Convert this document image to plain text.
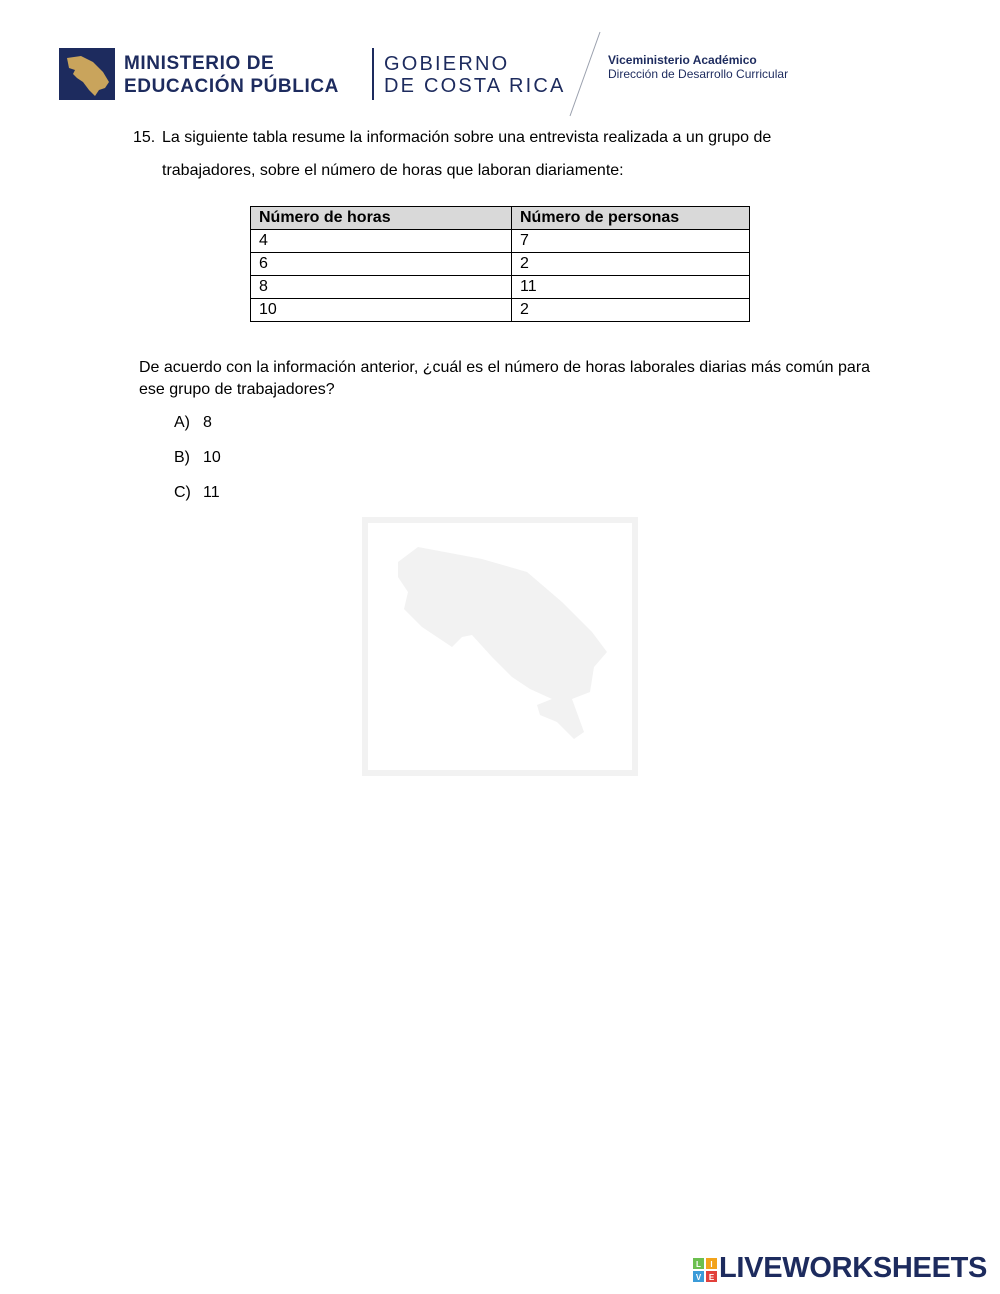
MINISTERIO DE
EDUCACIÓN PÚBLICA
GOBIERNO
DE COSTA RICA
Viceministerio Académico
Dirección de Desarrollo Curricular
15. La siguiente tabla resume la información sobre una entrevista realizada a un grupo de
trabajadores, sobre el número de horas que laboran diariamente:
Número de horas	Número de personas
4	7
6	2
8	11
10	2
De acuerdo con la información anterior, ¿cuál es el número de horas laborales diarias más común para ese grupo de trabajadores?
A) 8
B) 10
C) 11
L I
V E LIVEWORKSHEETS
